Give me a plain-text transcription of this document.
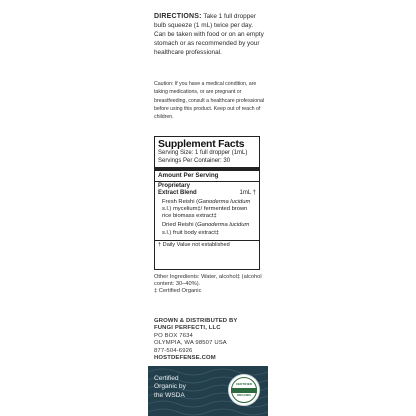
DIRECTIONS: Take 1 full dropper bulb squeeze (1 mL) twice per day. Can be taken with food or on an empty stomach or as recommended by your healthcare professional.

Caution: If you have a medical condition, are taking medications, or are pregnant or breastfeeding, consult a healthcare professional before using this product. Keep out of reach of children.

Supplement Facts
Serving Size: 1 full dropper (1mL)
Servings Per Container: 30
Amount Per Serving
Proprietary
Extract Blend	1mL †
Fresh Reishi (Ganoderma lucidum s.l.) mycelium‡/ fermented brown rice biomass extract‡
Dried Reishi (Ganoderma lucidum s.l.) fruit body extract‡
† Daily Value not established

Other Ingredients: Water, alcohol‡ (alcohol content: 30–40%).

‡ Certified Organic

GROWN & DISTRIBUTED BY

FUNGI PERFECTI, LLC

PO BOX 7634

OLYMPIA, WA 98507 USA

877-504-6926

HOSTDEFENSE.COM

Certified

Organic by

the WSDA

CERTIFIED
ORGANIC
